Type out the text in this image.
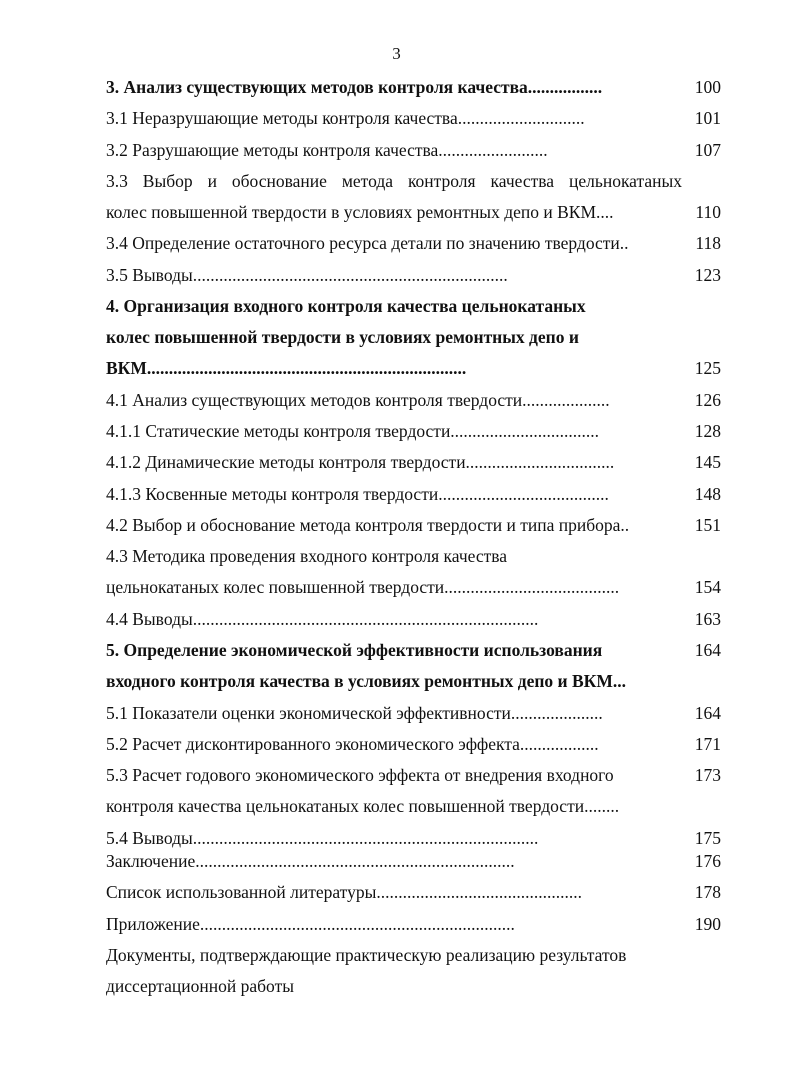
3
3. Анализ существующих методов контроля качества.................
3.1 Неразрушающие методы контроля качества.............................
3.2 Разрушающие методы контроля качества.........................
3.3 Выбор и обоснование метода контроля качества цельнокатаных
колес повышенной твердости в условиях ремонтных депо и ВКМ....
3.4 Определение остаточного ресурса детали по значению твердости..
3.5 Выводы........................................................................
4. Организация входного контроля качества цельнокатаных
колес повышенной твердости в условиях ремонтных депо и
ВКМ.........................................................................
4.1 Анализ существующих методов контроля твердости....................
4.1.1 Статические методы контроля твердости..................................
4.1.2 Динамические методы контроля твердости..................................
4.1.3 Косвенные методы контроля твердости.......................................
4.2 Выбор и обоснование метода контроля твердости и типа прибора..
4.3 Методика проведения входного контроля качества
цельнокатаных колес повышенной твердости........................................
4.4 Выводы...............................................................................
5. Определение экономической эффективности использования
входного контроля качества в условиях ремонтных депо и ВКМ...
5.1 Показатели оценки экономической эффективности.....................
5.2 Расчет дисконтированного экономического эффекта..................
5.3 Расчет годового экономического эффекта от внедрения входного
контроля качества цельнокатаных колес повышенной твердости........
5.4 Выводы...............................................................................
Заключение.........................................................................
Список использованной литературы...............................................
Приложение........................................................................
Документы, подтверждающие практическую реализацию результатов
диссертационной работы
100
101
107
110
118
123
125
126
128
145
148
151
154
163
164
164
171
173
175
176
178
190
